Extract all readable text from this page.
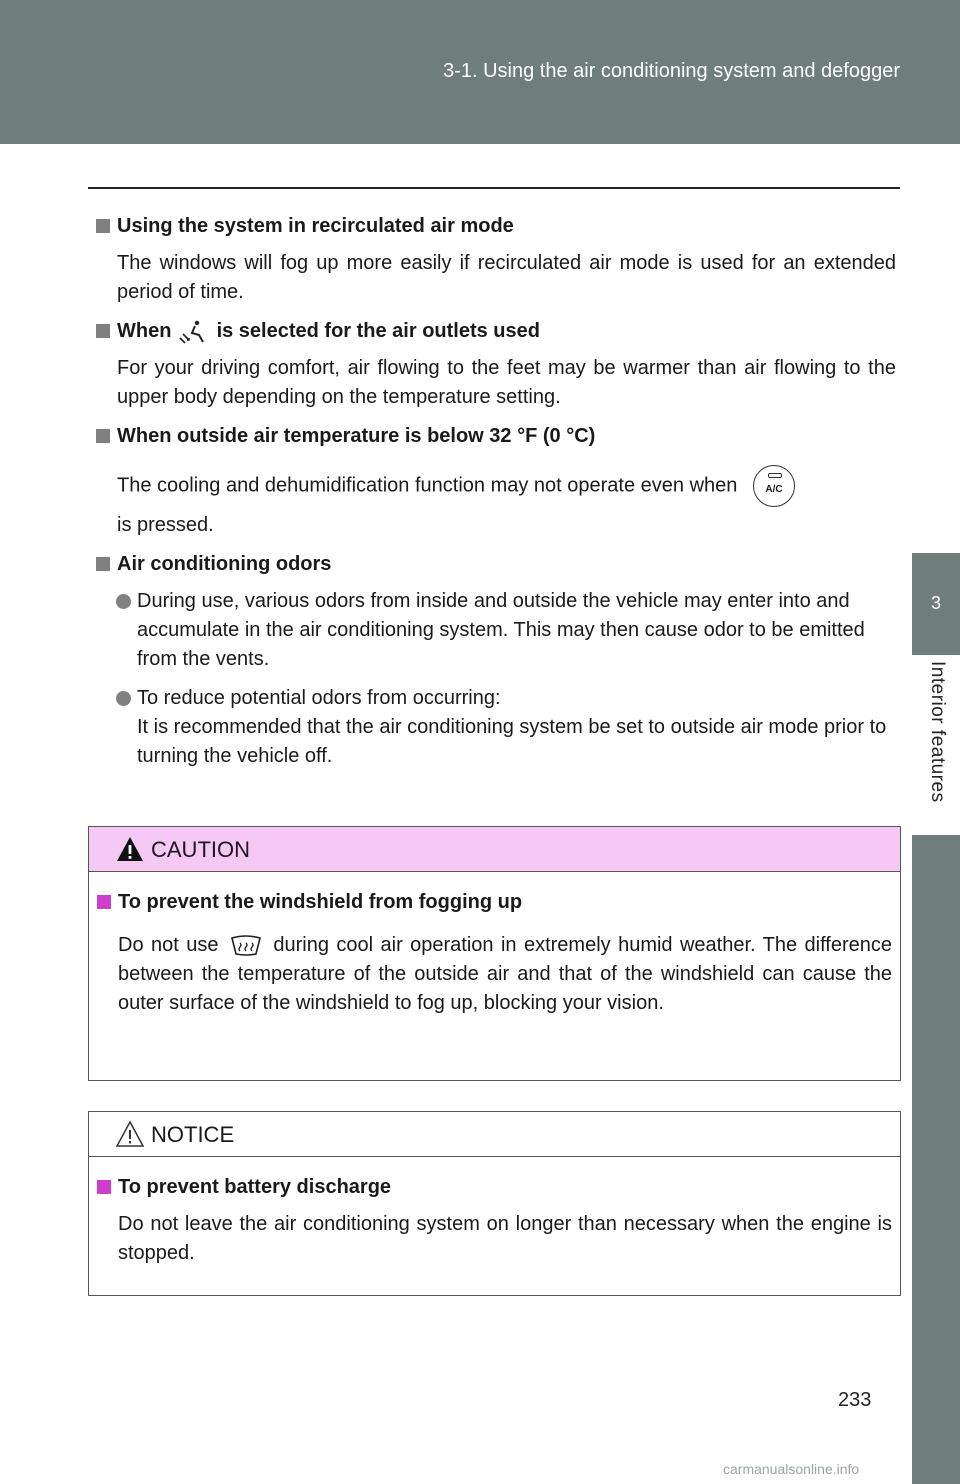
3-1. Using the air conditioning system and defogger
3
Interior features

Using the system in recirculated air mode

The windows will fog up more easily if recirculated air mode is used for an extended period of time.

When is selected for the air outlets used

For your driving comfort, air flowing to the feet may be warmer than air flowing to the upper body depending on the temperature setting.

When outside air temperature is below 32 °F (0 °C)

The cooling and dehumidification function may not operate even when	A/C

is pressed.

Air conditioning odors

During use, various odors from inside and outside the vehicle may enter into and accumulate in the air conditioning system. This may then cause odor to be emitted from the vents.
To reduce potential odors from occurring:
It is recommended that the air conditioning system be set to outside air mode prior to turning the vehicle off.
CAUTION

To prevent the windshield from fogging up

Do not use	during cool air operation in extremely humid weather. The difference between the temperature of the outside air and that of the windshield can cause the outer surface of the windshield to fog up, blocking your vision.

NOTICE

To prevent battery discharge

Do not leave the air conditioning system on longer than necessary when the engine is stopped.

233
carmanualsonline.info
